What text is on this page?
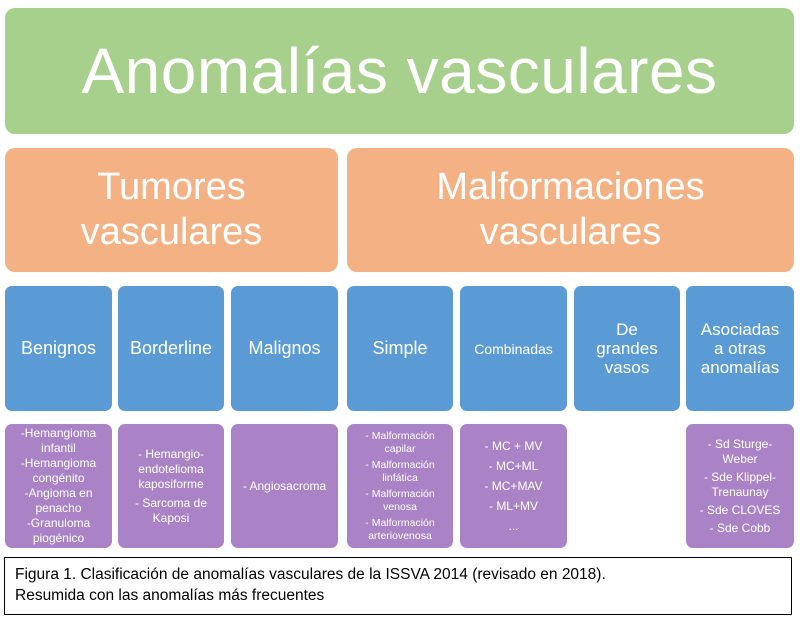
Anomalías vasculares
Tumores
vasculares
Malformaciones
vasculares
Benignos Borderline Malignos	Simple	Combinadas
De grandes vasos
Asociadas a otras anomalías
-Hemangioma infantil
-Hemangioma congénito
-Angioma en penacho
-Granuloma piogénico
- Hemangio-endotelioma kaposiforme
- Sarcoma de Kaposi
- Angiosacroma
- Malformación capilar
- Malformación linfática
- Malformación venosa
- Malformación arteriovenosa
- MC + MV
- MC+ML
- MC+MAV
- ML+MV
...
- Sd Sturge-Weber
- Sde Klippel-Trenaunay
- Sde CLOVES
- Sde Cobb
Figura 1. Clasificación de anomalías vasculares de la ISSVA 2014 (revisado en 2018).
Resumida con las anomalías más frecuentes
